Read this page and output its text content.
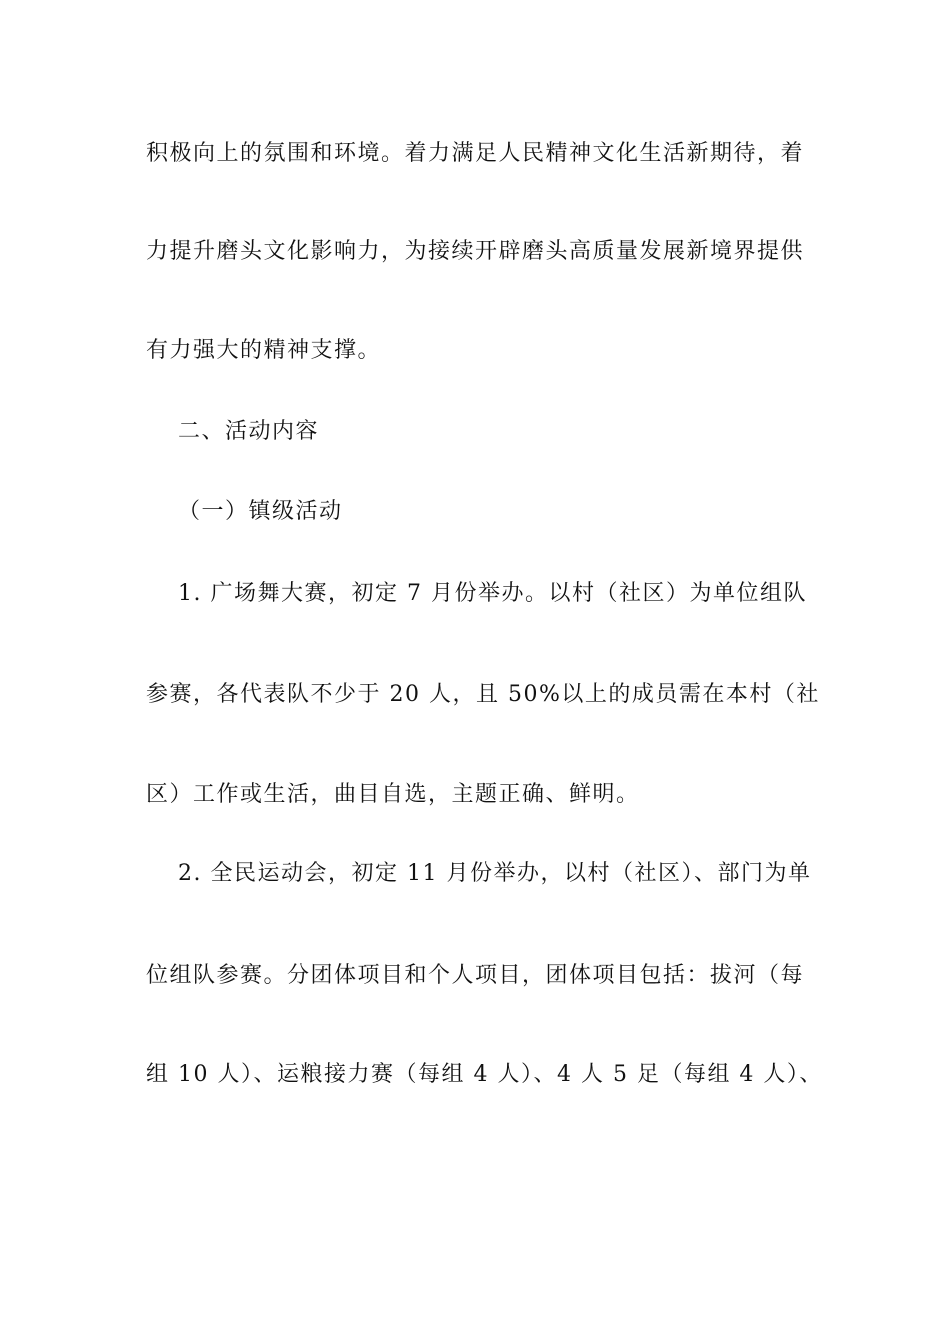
积极向上的氛围和环境。着力满足人民精神文化生活新期待，着
力提升磨头文化影响力，为接续开辟磨头高质量发展新境界提供
有力强大的精神支撑。
二、活动内容
（一）镇级活动
1. 广场舞大赛，初定 7 月份举办。以村（社区）为单位组队
参赛，各代表队不少于 20 人，且 50%以上的成员需在本村（社
区）工作或生活，曲目自选，主题正确、鲜明。
2. 全民运动会，初定 11 月份举办，以村（社区）、部门为单
位组队参赛。分团体项目和个人项目，团体项目包括：拔河（每
组 10 人）、运粮接力赛（每组 4 人）、4 人 5 足（每组 4 人）、
